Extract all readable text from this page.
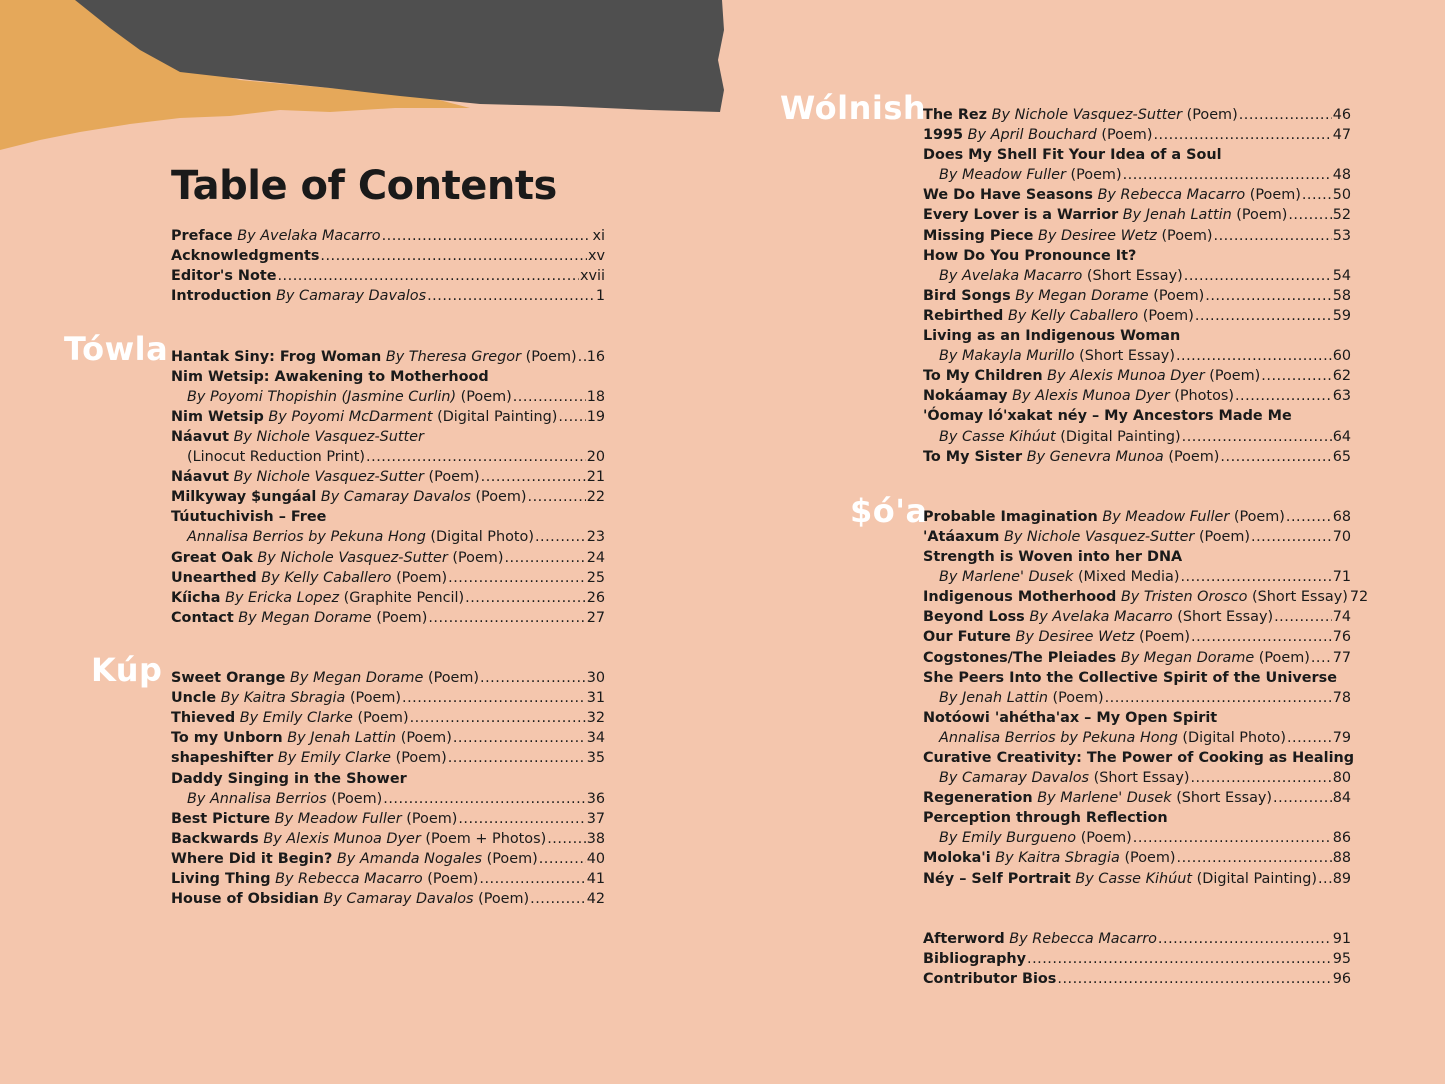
Table of Contents
Tówla
Kúp
Wólnish
$ó'a
Preface By Avelaka Macarro .....	xi
Acknowledgments .....	xv
Editor's Note .....	xvii
Introduction By Camaray Davalos .....	1
Hantak Siny: Frog Woman By Theresa Gregor (Poem) ..... 16
Nim Wetsip: Awakening to Motherhood
By Poyomi Thopishin (Jasmine Curlin) (Poem) .....	18
Nim Wetsip By Poyomi McDarment (Digital Painting) ..... 19
Náavut By Nichole Vasquez-Sutter
(Linocut Reduction Print) .....	20
Náavut By Nichole Vasquez-Sutter (Poem) .....	21
Milkyway $ungáal By Camaray Davalos (Poem) .....	22
Túutuchivish – Free
Annalisa Berrios by Pekuna Hong (Digital Photo) .....	23
Great Oak By Nichole Vasquez-Sutter (Poem) .....	24
Unearthed By Kelly Caballero (Poem) .....	25
Kíicha By Ericka Lopez (Graphite Pencil) .....	26
Contact By Megan Dorame (Poem) .....	27
Sweet Orange By Megan Dorame (Poem) .....	30
Uncle By Kaitra Sbragia (Poem) .....	31
Thieved By Emily Clarke (Poem) .....	32
To my Unborn By Jenah Lattin (Poem) .....	34
shapeshifter By Emily Clarke (Poem) .....	35
Daddy Singing in the Shower
By Annalisa Berrios (Poem) .....	36
Best Picture By Meadow Fuller (Poem) .....	37
Backwards By Alexis Munoa Dyer (Poem + Photos) .....	38
Where Did it Begin? By Amanda Nogales (Poem) .....	40
Living Thing By Rebecca Macarro (Poem) .....	41
House of Obsidian By Camaray Davalos (Poem) .....	42
The Rez By Nichole Vasquez-Sutter (Poem) .....	46
1995 By April Bouchard (Poem) .....	47
Does My Shell Fit Your Idea of a Soul
By Meadow Fuller (Poem) .....	48
We Do Have Seasons By Rebecca Macarro (Poem) ..... 50
Every Lover is a Warrior By Jenah Lattin (Poem) .....	52
Missing Piece By Desiree Wetz (Poem) .....	53
How Do You Pronounce It?
By Avelaka Macarro (Short Essay) .....	54
Bird Songs By Megan Dorame (Poem) .....	58
Rebirthed By Kelly Caballero (Poem) .....	59
Living as an Indigenous Woman
By Makayla Murillo (Short Essay) .....	60
To My Children By Alexis Munoa Dyer (Poem) .....	62
Nokáamay By Alexis Munoa Dyer (Photos) .....	63
'Óomay ló'xakat néy – My Ancestors Made Me
By Casse Kihúut (Digital Painting) .....	64
To My Sister By Genevra Munoa (Poem) .....	65
Probable Imagination By Meadow Fuller (Poem) .....	68
'Atáaxum By Nichole Vasquez-Sutter (Poem) .....	70
Strength is Woven into her DNA
By Marlene' Dusek (Mixed Media) .....	71
Indigenous Motherhood By Tristen Orosco (Short Essay) 72
Beyond Loss By Avelaka Macarro (Short Essay) .....	74
Our Future By Desiree Wetz (Poem) .....	76
Cogstones/The Pleiades By Megan Dorame (Poem) ..... 77
She Peers Into the Collective Spirit of the Universe
By Jenah Lattin (Poem) .....	78
Notóowi 'ahétha'ax – My Open Spirit
Annalisa Berrios by Pekuna Hong (Digital Photo) .....	79
Curative Creativity: The Power of Cooking as Healing
By Camaray Davalos (Short Essay) .....	80
Regeneration By Marlene' Dusek (Short Essay) .....	84
Perception through Reflection
By Emily Burgueno (Poem) .....	86
Moloka'i By Kaitra Sbragia (Poem) .....	88
Néy – Self Portrait By Casse Kihúut (Digital Painting) ..... 89
Afterword By Rebecca Macarro .....	91
Bibliography .....	95
Contributor Bios .....	96
